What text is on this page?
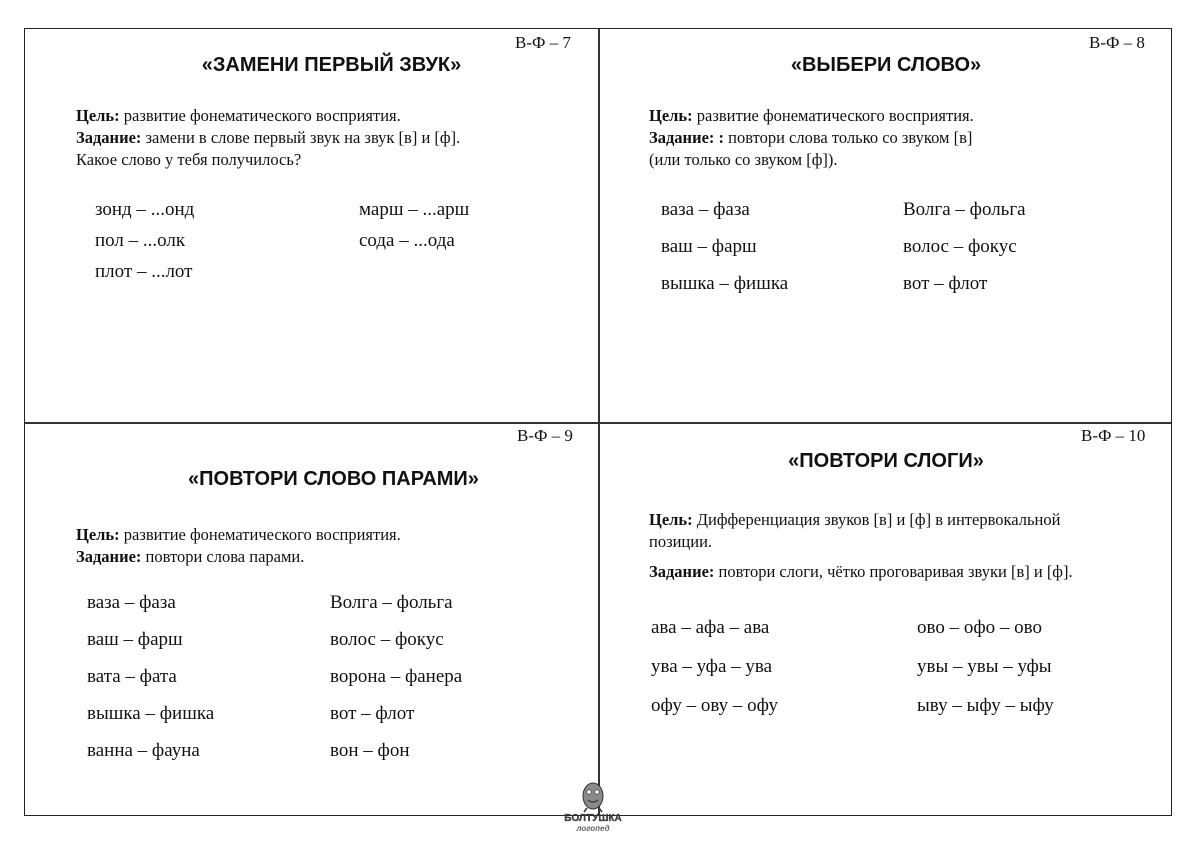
В-Ф – 7
«ЗАМЕНИ ПЕРВЫЙ ЗВУК»
Цель: развитие фонематического восприятия.
Задание: замени в слове первый звук на звук [в] и [ф].
Какое слово у тебя получилось?
зонд – ...онд
пол – ...олк
плот – ...лот
марш – ...арш
сода – ...ода
В-Ф – 8
«ВЫБЕРИ СЛОВО»
Цель: развитие фонематического восприятия.
Задание: : повтори слова только со звуком [в]
(или только со звуком [ф]).
ваза – фаза
ваш – фарш
вышка – фишка
Волга – фольга
волос – фокус
вот – флот
В-Ф – 9
«ПОВТОРИ СЛОВО ПАРАМИ»
Цель: развитие фонематического восприятия.
Задание: повтори слова парами.
ваза – фаза
ваш – фарш
вата – фата
вышка – фишка
ванна – фауна
Волга – фольга
волос – фокус
ворона – фанера
вот – флот
вон – фон
В-Ф – 10
«ПОВТОРИ СЛОГИ»
Цель: Дифференциация звуков [в] и [ф] в интервокальной
позиции.
Задание: повтори слоги, чётко проговаривая звуки [в] и [ф].
ава – афа – ава
ува – уфа – ува
офу – ову – офу
ово – офо – ово
увы – увы – уфы
ыву – ыфу – ыфу
БОЛТУШКА
логопед
